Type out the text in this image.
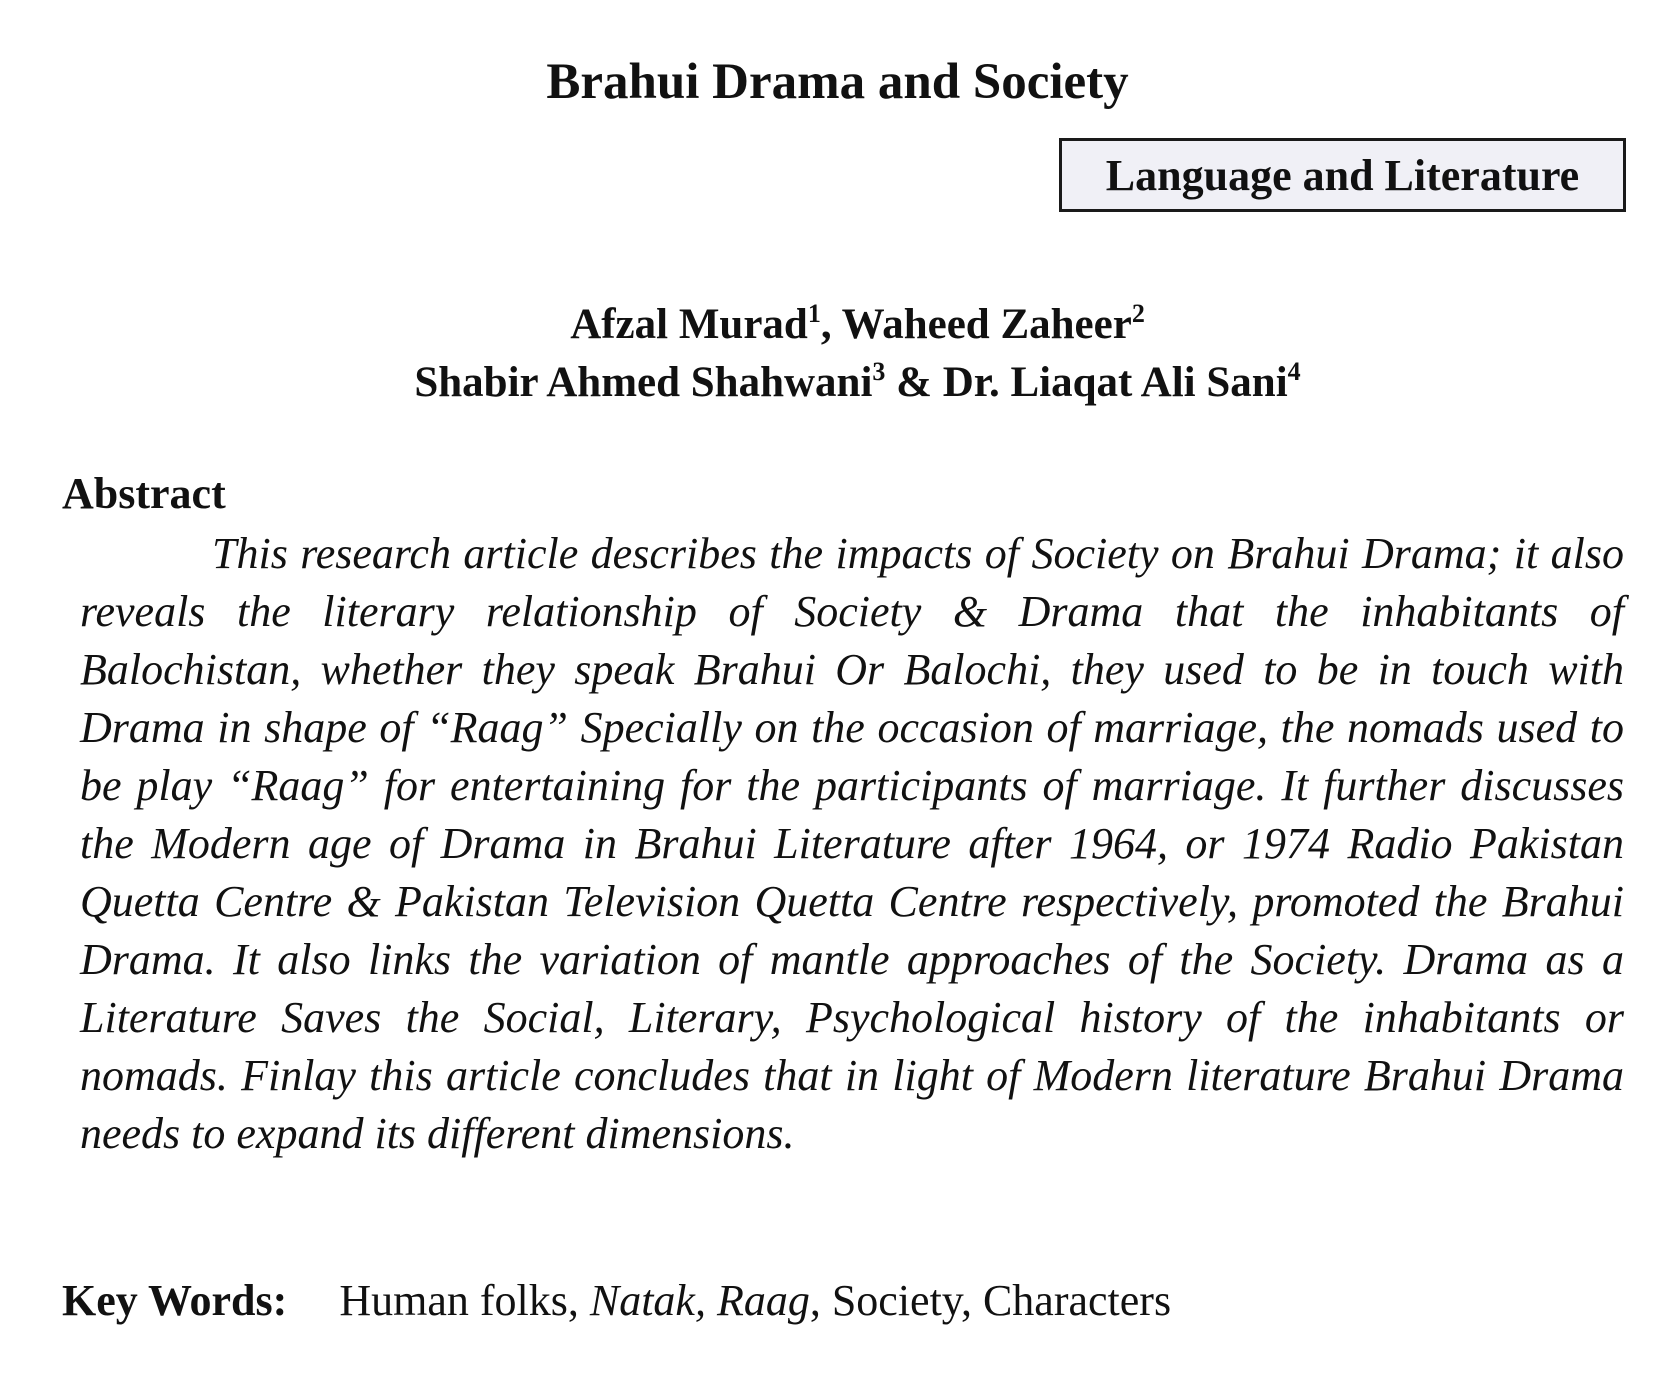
Brahui Drama and Society
Language and Literature
Afzal Murad$^1$, Waheed Zaheer$^2$
Shabir Ahmed Shahwani$^3$ & Dr. Liaqat Ali Sani$^4$
Abstract

This research article describes the impacts of Society on Brahui Drama; it also reveals the literary relationship of Society & Drama that the inhabitants of Balochistan, whether they speak Brahui Or Balochi, they used to be in touch with Drama in shape of “Raag” Specially on the occasion of marriage, the nomads used to be play “Raag” for entertaining for the participants of marriage. It further discusses the Modern age of Drama in Brahui Literature after 1964, or 1974 Radio Pakistan Quetta Centre & Pakistan Television Quetta Centre respectively, promoted the Brahui Drama. It also links the variation of mantle approaches of the Society. Drama as a Literature Saves the Social, Literary, Psychological history of the inhabitants or nomads. Finlay this article concludes that in light of Modern literature Brahui Drama needs to expand its different dimensions.

Key Words: Human folks, Natak, Raag, Society, Characters
